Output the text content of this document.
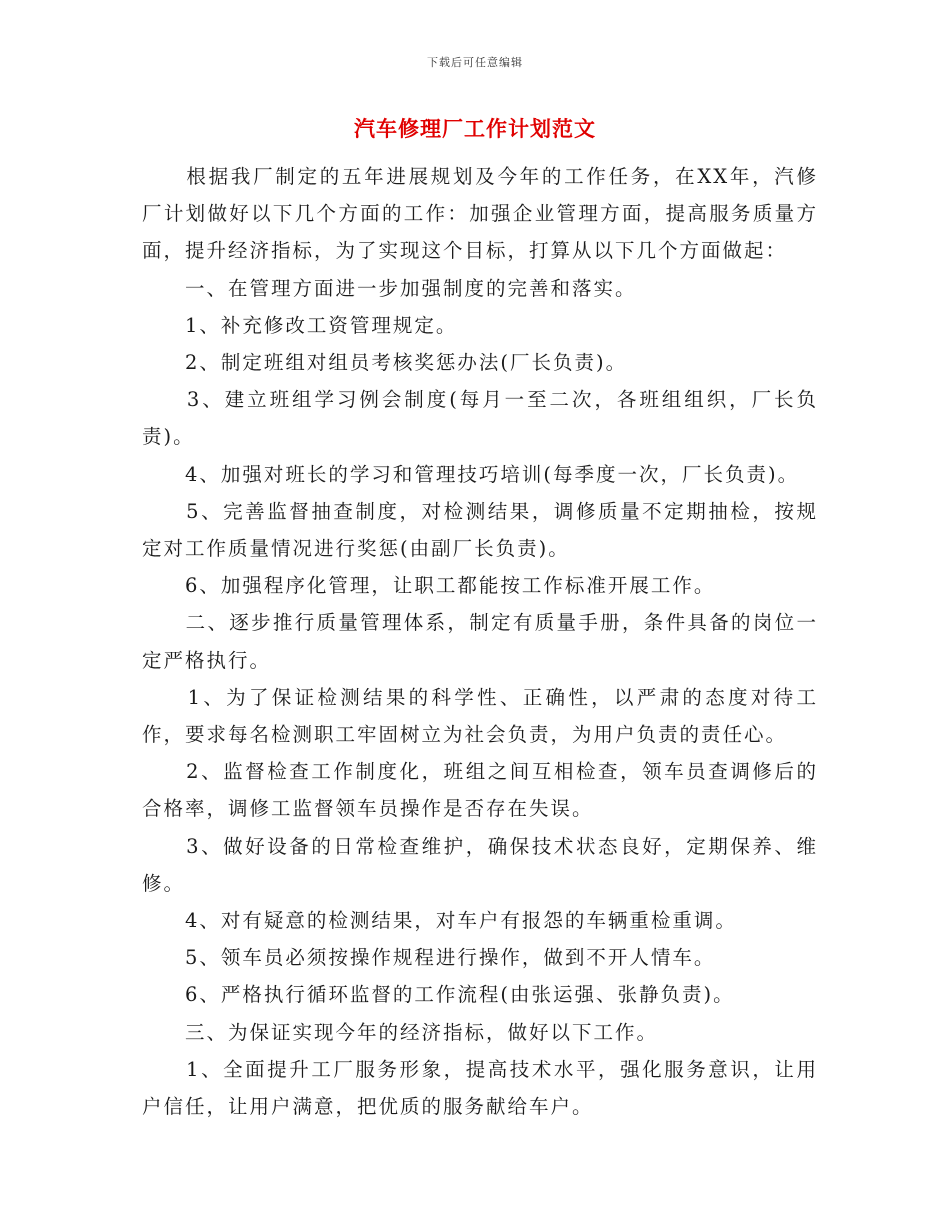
下载后可任意编辑
汽车修理厂工作计划范文

　　根据我厂制定的五年进展规划及今年的工作任务，在XX年，汽修厂计划做好以下几个方面的工作：加强企业管理方面，提高服务质量方面，提升经济指标，为了实现这个目标，打算从以下几个方面做起：

　　一、在管理方面进一步加强制度的完善和落实。

　　1、补充修改工资管理规定。

　　2、制定班组对组员考核奖惩办法(厂长负责)。

　　3、建立班组学习例会制度(每月一至二次，各班组组织，厂长负责)。

　　4、加强对班长的学习和管理技巧培训(每季度一次，厂长负责)。

　　5、完善监督抽查制度，对检测结果，调修质量不定期抽检，按规定对工作质量情况进行奖惩(由副厂长负责)。

　　6、加强程序化管理，让职工都能按工作标准开展工作。

　　二、逐步推行质量管理体系，制定有质量手册，条件具备的岗位一定严格执行。

　　1、为了保证检测结果的科学性、正确性，以严肃的态度对待工作，要求每名检测职工牢固树立为社会负责，为用户负责的责任心。

　　2、监督检查工作制度化，班组之间互相检查，领车员查调修后的合格率，调修工监督领车员操作是否存在失误。

　　3、做好设备的日常检查维护，确保技术状态良好，定期保养、维修。

　　4、对有疑意的检测结果，对车户有报怨的车辆重检重调。

　　5、领车员必须按操作规程进行操作，做到不开人情车。

　　6、严格执行循环监督的工作流程(由张运强、张静负责)。

　　三、为保证实现今年的经济指标，做好以下工作。

　　1、全面提升工厂服务形象，提高技术水平，强化服务意识，让用户信任，让用户满意，把优质的服务献给车户。
